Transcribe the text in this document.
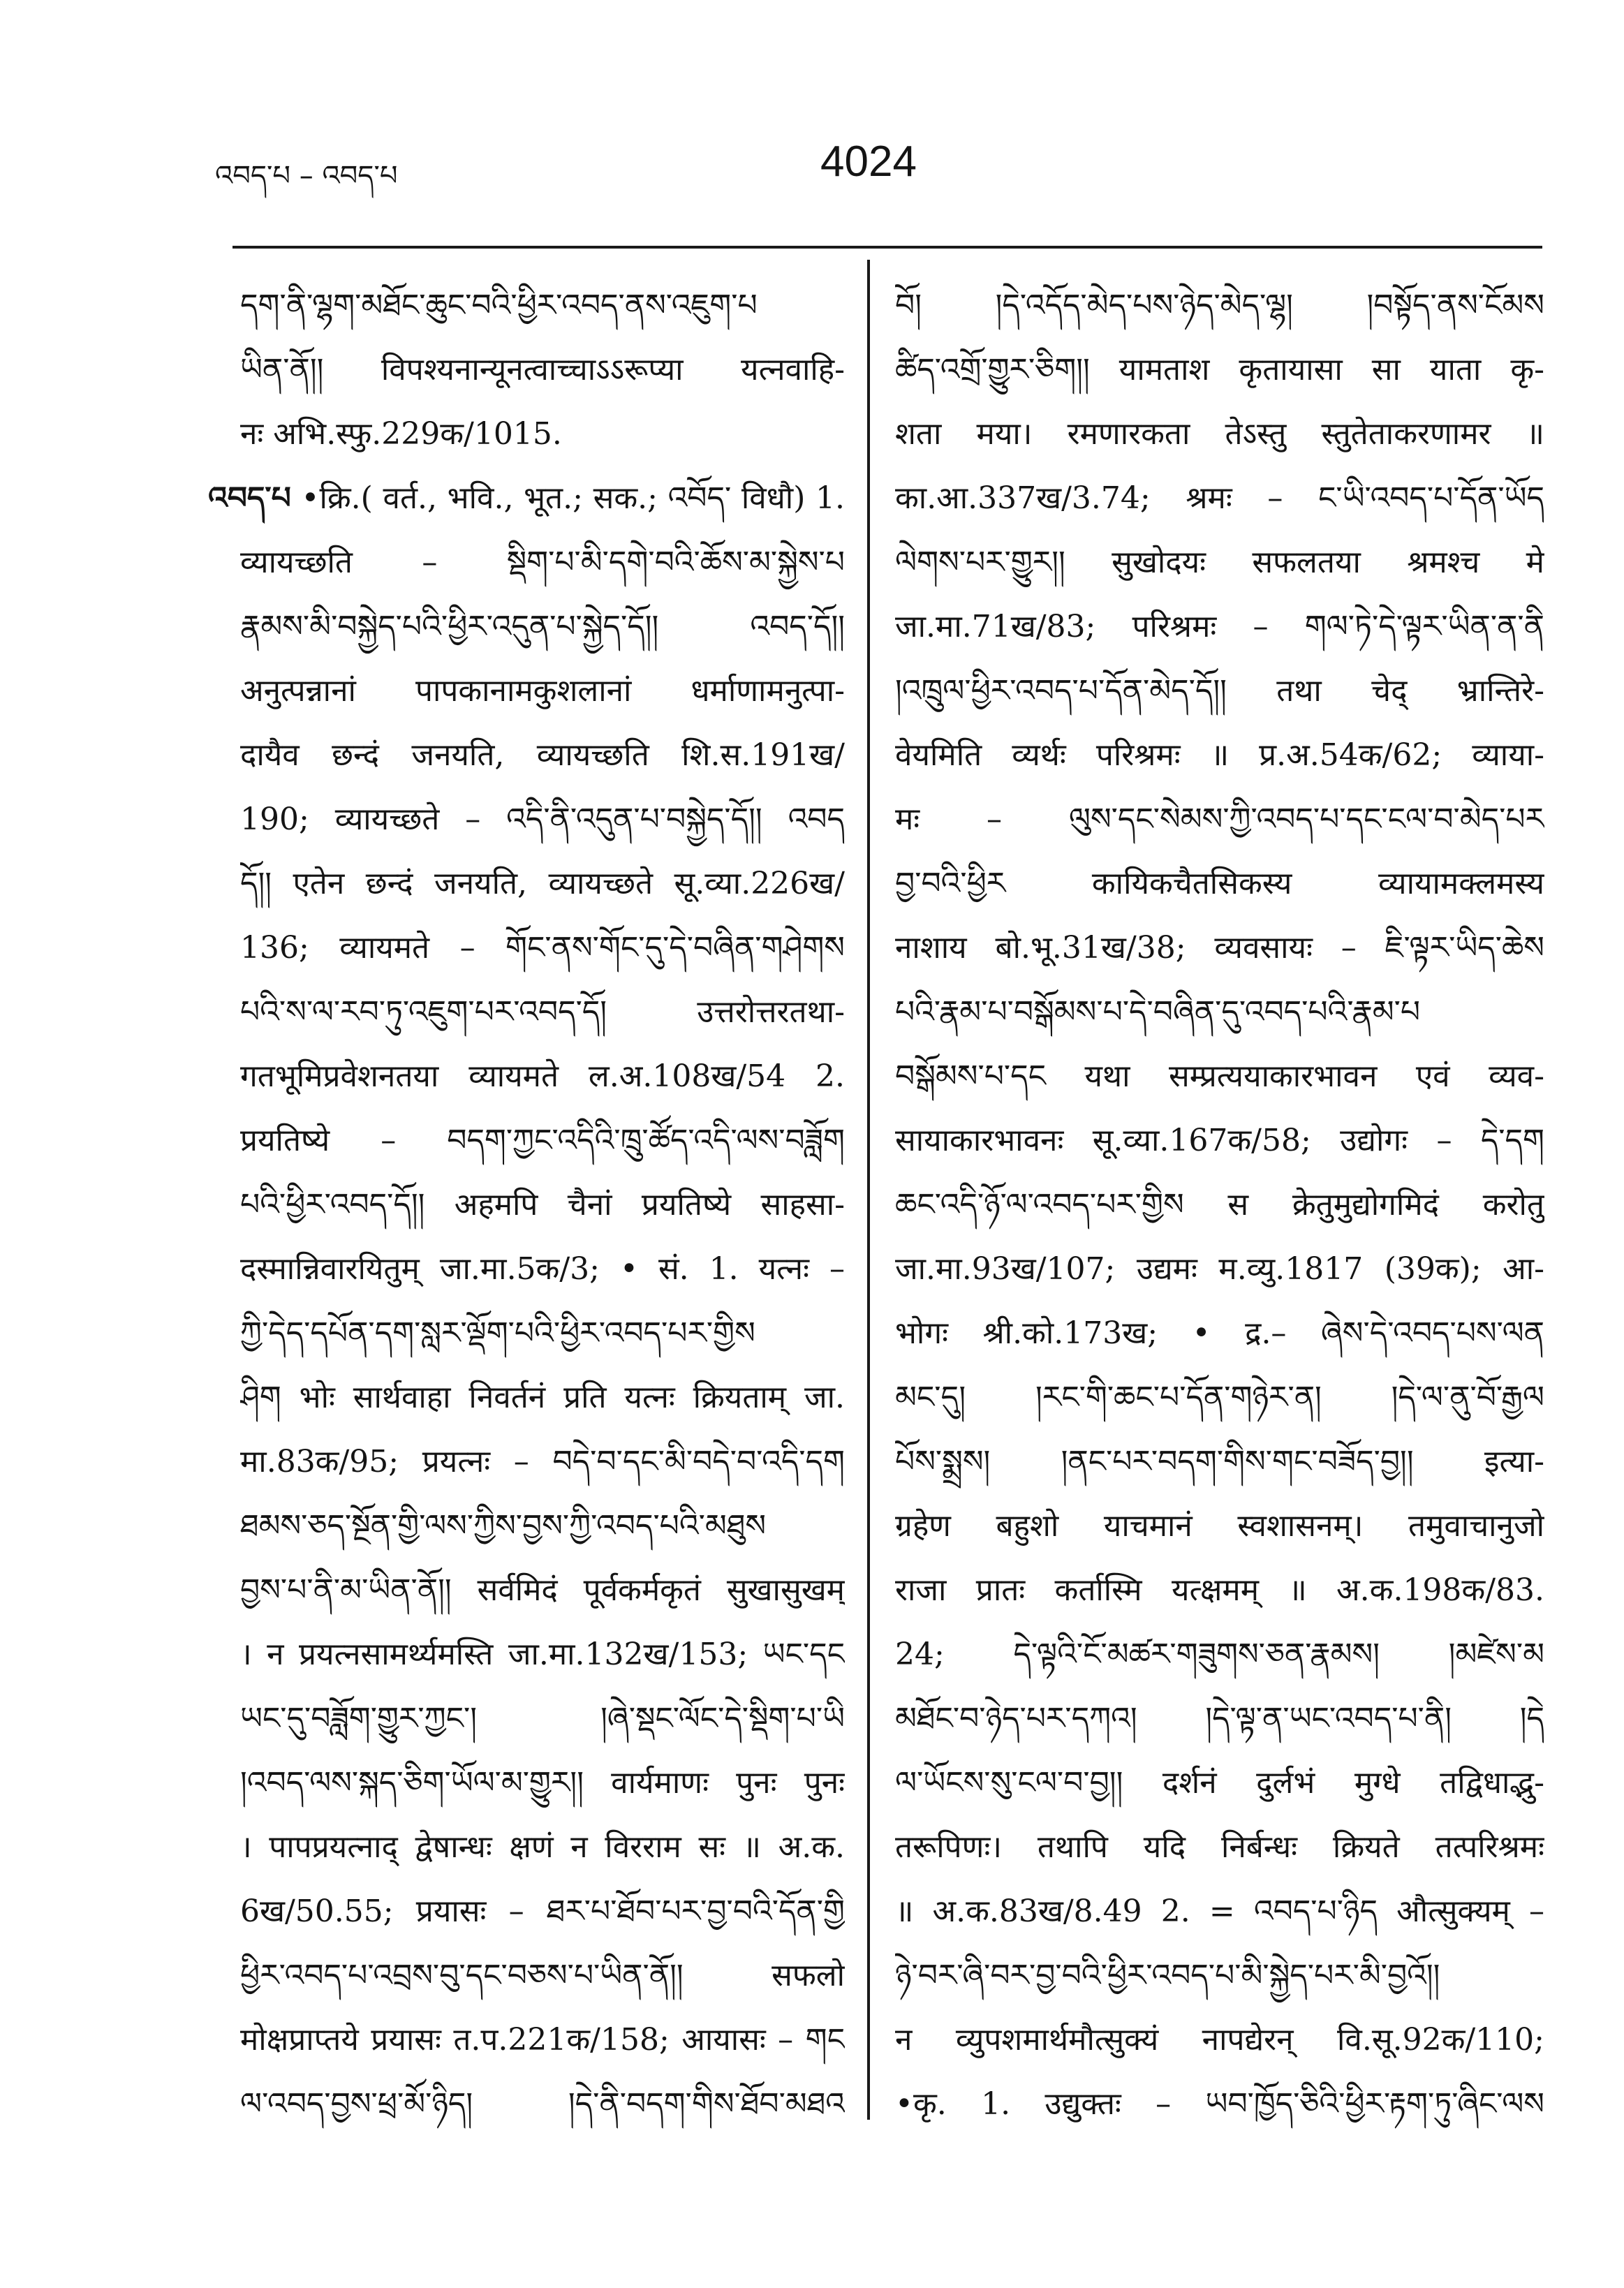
འབད་པ – འབད་པ	4024
དག་ནི་ལྷག་མཐོང་ཆུང་བའི་ཕྱིར་འབད་ནས་འཇུག་པ
ཡིན་ནོ།། विपश्यनान्यूनत्वाच्चाऽऽरूप्या यत्नवाहि-
नः अभि.स्फु.229क/1015.
འབད་པ •क्रि.( वर्त., भवि., भूत.; सक.; འབོད་ विधौ) 1.
व्यायच्छति – སྡིག་པ་མི་དགེ་བའི་ཆོས་མ་སྐྱེས་པ
རྣམས་མི་བསྐྱེད་པའི་ཕྱིར་འདུན་པ་སྐྱེད་དོ།། འབད་དོ།།
अनुत्पन्नानां पापकानामकुशलानां धर्माणामनुत्पा-
दायैव छन्दं जनयति, व्यायच्छति शि.स.191ख/
190; व्यायच्छते – འདི་ནི་འདུན་པ་བསྐྱེད་དོ།། འབད
དོ།། एतेन छन्दं जनयति, व्यायच्छते सू.व्या.226ख/
136; व्यायमते – གོང་ནས་གོང་དུ་དེ་བཞིན་གཤེགས
པའི་ས་ལ་རབ་ཏུ་འཇུག་པར་འབད་དོ། उत्तरोत्तरतथा-
गतभूमिप्रवेशनतया व्यायमते ल.अ.108ख/54 2.
प्रयतिष्ये – བདག་ཀྱང་འདིའི་ཁྲུ་ཚོད་འདི་ལས་བཟློག
པའི་ཕྱིར་འབད་དོ།། अहमपि चैनां प्रयतिष्ये साहसा-
दस्मान्निवारयितुम् जा.मा.5क/3; • सं. 1. यत्नः –
ཀྱི་དེད་དཔོན་དག་སླར་ལྡོག་པའི་ཕྱིར་འབད་པར་གྱིས
ཤིག भोः सार्थवाहा निवर्तनं प्रति यत्नः क्रियताम् जा.
मा.83क/95; प्रयत्नः – བདེ་བ་དང་མི་བདེ་བ་འདི་དག
ཐམས་ཅད་སྔོན་གྱི་ལས་ཀྱིས་བྱས་ཀྱི་འབད་པའི་མཐུས
བྱས་པ་ནི་མ་ཡིན་ནོ།། सर्वमिदं पूर्वकर्मकृतं सुखासुखम्
। न प्रयत्नसामर्थ्यमस्ति जा.मा.132ख/153; ཡང་དང
ཡང་དུ་བཟློག་གྱུར་ཀྱང་། །ཞེ་སྡང་ལོང་དེ་སྡིག་པ་ཡི
།འབད་ལས་སྐད་ཅིག་ཡོལ་མ་གྱུར།། वार्यमाणः पुनः पुनः
। पापप्रयत्नाद् द्वेषान्धः क्षणं न विरराम सः ॥ अ.क.
6ख/50.55; प्रयासः – ཐར་པ་ཐོབ་པར་བྱ་བའི་དོན་གྱི
ཕྱིར་འབད་པ་འབྲས་བུ་དང་བཅས་པ་ཡིན་ནོ།། सफलो
मोक्षप्राप्तये प्रयासः त.प.221क/158; आयासः – གང
ལ་འབད་བྱས་ཕྲ་མོ་ཉིད། །དེ་ནི་བདག་གིས་ཐོབ་མཐའ
བོ། །དེ་འདོད་མེད་པས་ཉེད་མེད་ལྷ། །བསྟོད་ནས་ངོམས
ཚིད་འགྲོ་གྱུར་ཅིག།། यामताश कृतायासा सा याता कृ-
शता मया। रमणारकता तेऽस्तु स्तुतेताकरणामर ॥
का.आ.337ख/3.74; श्रमः – ང་ཡི་འབད་པ་དོན་ཡོད
ལེགས་པར་གྱུར།། सुखोदयः सफलतया श्रमश्च मे
जा.मा.71ख/83; परिश्रमः – གལ་ཏེ་དེ་ལྟར་ཡིན་ན་ནི
།འཁྲུལ་ཕྱིར་འབད་པ་དོན་མེད་དོ།། तथा चेद् भ्रान्तिरे-
वेयमिति व्यर्थः परिश्रमः ॥ प्र.अ.54क/62; व्याया-
मः – ལུས་དང་སེམས་ཀྱི་འབད་པ་དང་ངལ་བ་མེད་པར
བྱ་བའི་ཕྱིར कायिकचैतसिकस्य व्यायामक्लमस्य
नाशाय बो.भू.31ख/38; व्यवसायः – ཇི་ལྟར་ཡིད་ཆེས
པའི་རྣམ་པ་བསྒོམས་པ་དེ་བཞིན་དུ་འབད་པའི་རྣམ་པ
བསྒོམས་པ་དང यथा सम्प्रत्ययाकारभावन एवं व्यव-
सायाकारभावनः सू.व्या.167क/58; उद्योगः – དེ་དག
ཆང་འདི་ཉོ་ལ་འབད་པར་གྱིས स क्रेतुमुद्योगमिदं करोतु
जा.मा.93ख/107; उद्यमः म.व्यु.1817 (39क); आ-
भोगः श्री.को.173ख; • द्र.– ཞེས་དེ་འབད་པས་ལན
མང་དུ། །རང་གི་ཆང་པ་དོན་གཉེར་ན། །དེ་ལ་ནུ་བོ་རྒྱལ
པོས་སྨྲས། །ནང་པར་བདག་གིས་གང་བཟོད་བྱ།། इत्या-
ग्रहेण बहुशो याचमानं स्वशासनम्। तमुवाचानुजो
राजा प्रातः कर्तास्मि यत्क्षमम् ॥ अ.क.198क/83.
24; དེ་ལྟའི་ངོ་མཚར་གཟུགས་ཅན་རྣམས། །མཛེས་མ
མཐོང་བ་ཉེད་པར་དཀའ། །དེ་ལྟ་ན་ཡང་འབད་པ་ནི། །དེ
ལ་ཡོངས་སུ་ངལ་བ་བྱ།། दर्शनं दुर्लभं मुग्धे तद्विधाद्भु-
तरूपिणः। तथापि यदि निर्बन्धः क्रियते तत्परिश्रमः
॥ अ.क.83ख/8.49 2. = འབད་པ་ཉིད औत्सुक्यम् –
ཉེ་བར་ཞི་བར་བྱ་བའི་ཕྱིར་འབད་པ་མི་སྐྱེད་པར་མི་བྱའོ།།
न व्युपशमार्थमौत्सुक्यं नापद्येरन् वि.सू.92क/110;
•कृ. 1. उद्युक्तः – ཡབ་ཁྱོད་ཅིའི་ཕྱིར་རྟག་ཏུ་ཞིང་ལས
